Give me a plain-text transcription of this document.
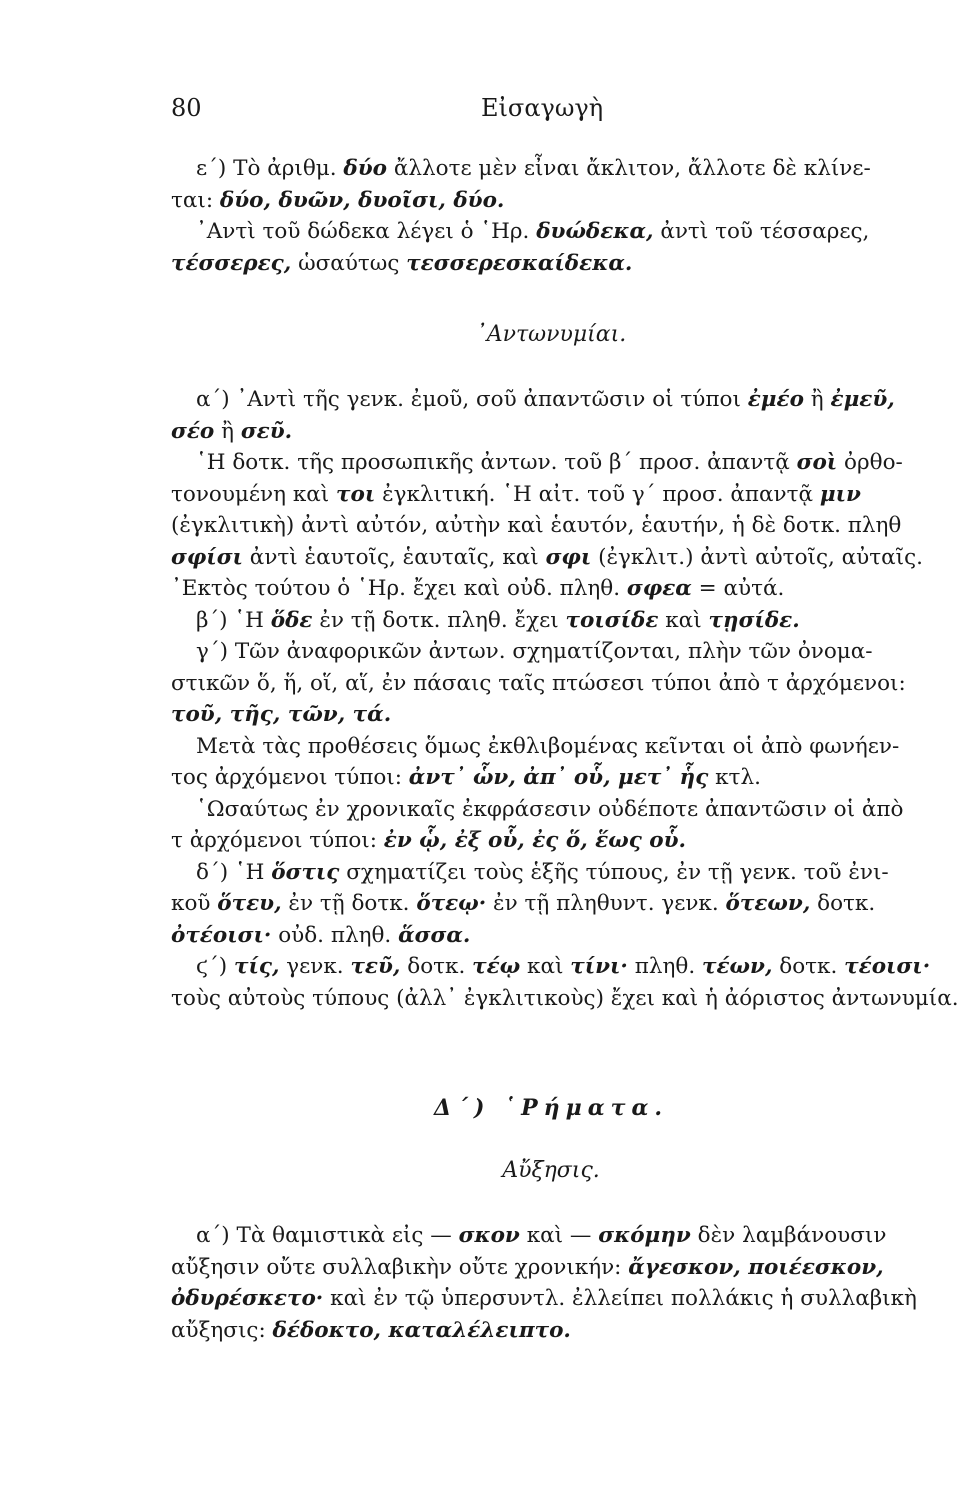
80	Εἰσαγωγὴ

ε΄) Τὸ ἀριθμ. δύο ἄλλοτε μὲν εἶναι ἄκλιτον, ἄλλοτε δὲ κλίνε-

ται: δύο, δυῶν, δυοῖσι, δύο.

᾿Αντὶ τοῦ δώδεκα λέγει ὁ ῾Ηρ. δυώδεκα, ἀντὶ τοῦ τέσσαρες,

τέσσερες, ὡσαύτως τεσσερεσκαίδεκα.

᾿Αντωνυμίαι.

α΄) ᾿Αντὶ τῆς γενκ. ἐμοῦ, σοῦ ἀπαντῶσιν οἱ τύποι ἐμέο ἢ ἐμεῦ,

σέο ἢ σεῦ.

῾Η δοτκ. τῆς προσωπικῆς ἀντων. τοῦ β΄ προσ. ἀπαντᾷ σοὶ ὀρθο-

τονουμένη καὶ τοι ἐγκλιτική. ῾Η αἰτ. τοῦ γ΄ προσ. ἀπαντᾷ μιν

(ἐγκλιτικὴ) ἀντὶ αὐτόν, αὐτὴν καὶ ἑαυτόν, ἑαυτήν, ἡ δὲ δοτκ. πληθ

σφίσι ἀντὶ ἑαυτοῖς, ἑαυταῖς, καὶ σφι (ἐγκλιτ.) ἀντὶ αὐτοῖς, αὐταῖς.

᾿Εκτὸς τούτου ὁ ῾Ηρ. ἔχει καὶ οὐδ. πληθ. σφεα = αὐτά.

β΄) ῾Η ὅδε ἐν τῇ δοτκ. πληθ. ἔχει τοισίδε καὶ τῃσίδε.

γ΄) Τῶν ἀναφορικῶν ἀντων. σχηματίζονται, πλὴν τῶν ὀνομα-

στικῶν ὅ, ἥ, οἵ, αἵ, ἐν πάσαις ταῖς πτώσεσι τύποι ἀπὸ τ ἀρχόμενοι:

τοῦ, τῆς, τῶν, τά.

Μετὰ τὰς προθέσεις ὅμως ἐκθλιβομένας κεῖνται οἱ ἀπὸ φωνήεν-

τος ἀρχόμενοι τύποι: ἀντ᾿ ὧν, ἀπ᾿ οὗ, μετ᾿ ἧς κτλ.

῾Ωσαύτως ἐν χρονικαῖς ἐκφράσεσιν οὐδέποτε ἀπαντῶσιν οἱ ἀπὸ

τ ἀρχόμενοι τύποι: ἐν ᾧ, ἐξ οὗ, ἐς ὅ, ἕως οὗ.

δ΄) ῾Η ὅστις σχηματίζει τοὺς ἑξῆς τύπους, ἐν τῇ γενκ. τοῦ ἐνι-

κοῦ ὅτευ, ἐν τῇ δοτκ. ὅτεῳ· ἐν τῇ πληθυντ. γενκ. ὅτεων, δοτκ.

ὀτέοισι· οὐδ. πληθ. ἅσσα.

ϛ΄) τίς, γενκ. τεῦ, δοτκ. τέῳ καὶ τίνι· πληθ. τέων, δοτκ. τέοισι·

τοὺς αὐτοὺς τύπους (ἀλλ᾿ ἐγκλιτικοὺς) ἔχει καὶ ἡ ἀόριστος ἀντωνυμία.

Δ΄) ῾Ρήματα.
Αὔξησις.

α΄) Τὰ θαμιστικὰ εἰς — σκον καὶ — σκόμην δὲν λαμβάνουσιν

αὔξησιν οὔτε συλλαβικὴν οὔτε χρονικήν: ἄγεσκον, ποιέεσκον,

ὀδυρέσκετο· καὶ ἐν τῷ ὑπερσυντλ. ἐλλείπει πολλάκις ἡ συλλαβικὴ

αὔξησις: δέδοκτο, καταλέλειπτο.
